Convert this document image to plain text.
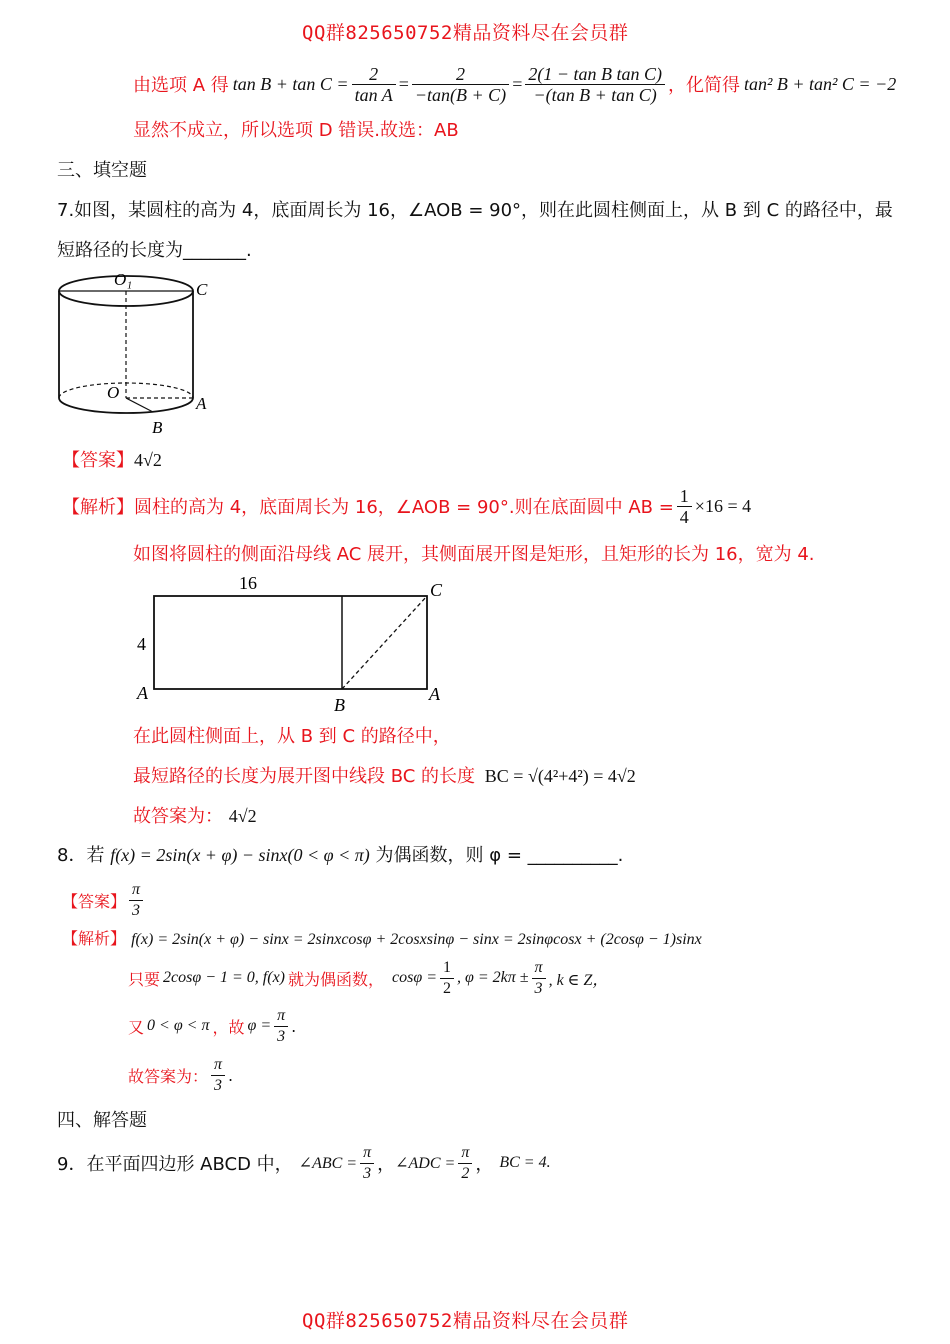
QQ群825650752精品资料尽在会员群
由选项 A 得 $\tan B + \tan C = \frac{2}{\text{tan A}} = \frac{2}{-\tan(B + C)} = \frac{\text{2(1 − tan B tan C)}}{\text{−(tan B + tan C)}}$ ，化简得 tan² B + tan² C = −2
显然不成立，所以选项 D 错误.故选：AB
三、填空题
7.如图，某圆柱的高为 4，底面周长为 16，∠AOB = 90°，则在此圆柱侧面上，从 B 到 C 的路径中，最
短路径的长度为_______.
O₁
C
O
A
B
【答案】4√2
【解析】 圆柱的高为 4，底面周长为 16，∠AOB = 90°.则在底面圆中 AB = $\frac{1}{4} \times 16 = 4$
如图将圆柱的侧面沿母线 AC 展开，其侧面展开图是矩形，且矩形的长为 16，宽为 4.
16
4
A
B
A
C
在此圆柱侧面上，从 B 到 C 的路径中，
最短路径的长度为展开图中线段 BC 的长度 BC = √(4²+4²) = 4√2
故答案为： 4√2
8．若 f(x) = 2sin(x + φ) − sinx(0 < φ < π) 为偶函数，则 φ = __________.
【答案】 $\frac{\pi}{3}$
【解析】 f(x) = 2sin(x + φ) − sinx = 2sinxcosφ + 2cosxsinφ − sinx = 2sinφcosx + (2cosφ − 1)sinx
只要 2cosφ − 1 = 0, f(x) 就为偶函数， $\cos\varphi = \frac{1}{2}$ , $\varphi = 2k\pi \pm \frac{\pi}{3}$ , k ∈ Z，
又 0 < φ < π ，故 $\varphi = \frac{\pi}{3}$ .
故答案为： $\frac{\pi}{3}$ .
四、解答题
9．在平面四边形 ABCD 中， ∠ABC = $\frac{\pi}{3}$ ， ∠ADC = $\frac{\pi}{2}$ ， BC = 4.
QQ群825650752精品资料尽在会员群
